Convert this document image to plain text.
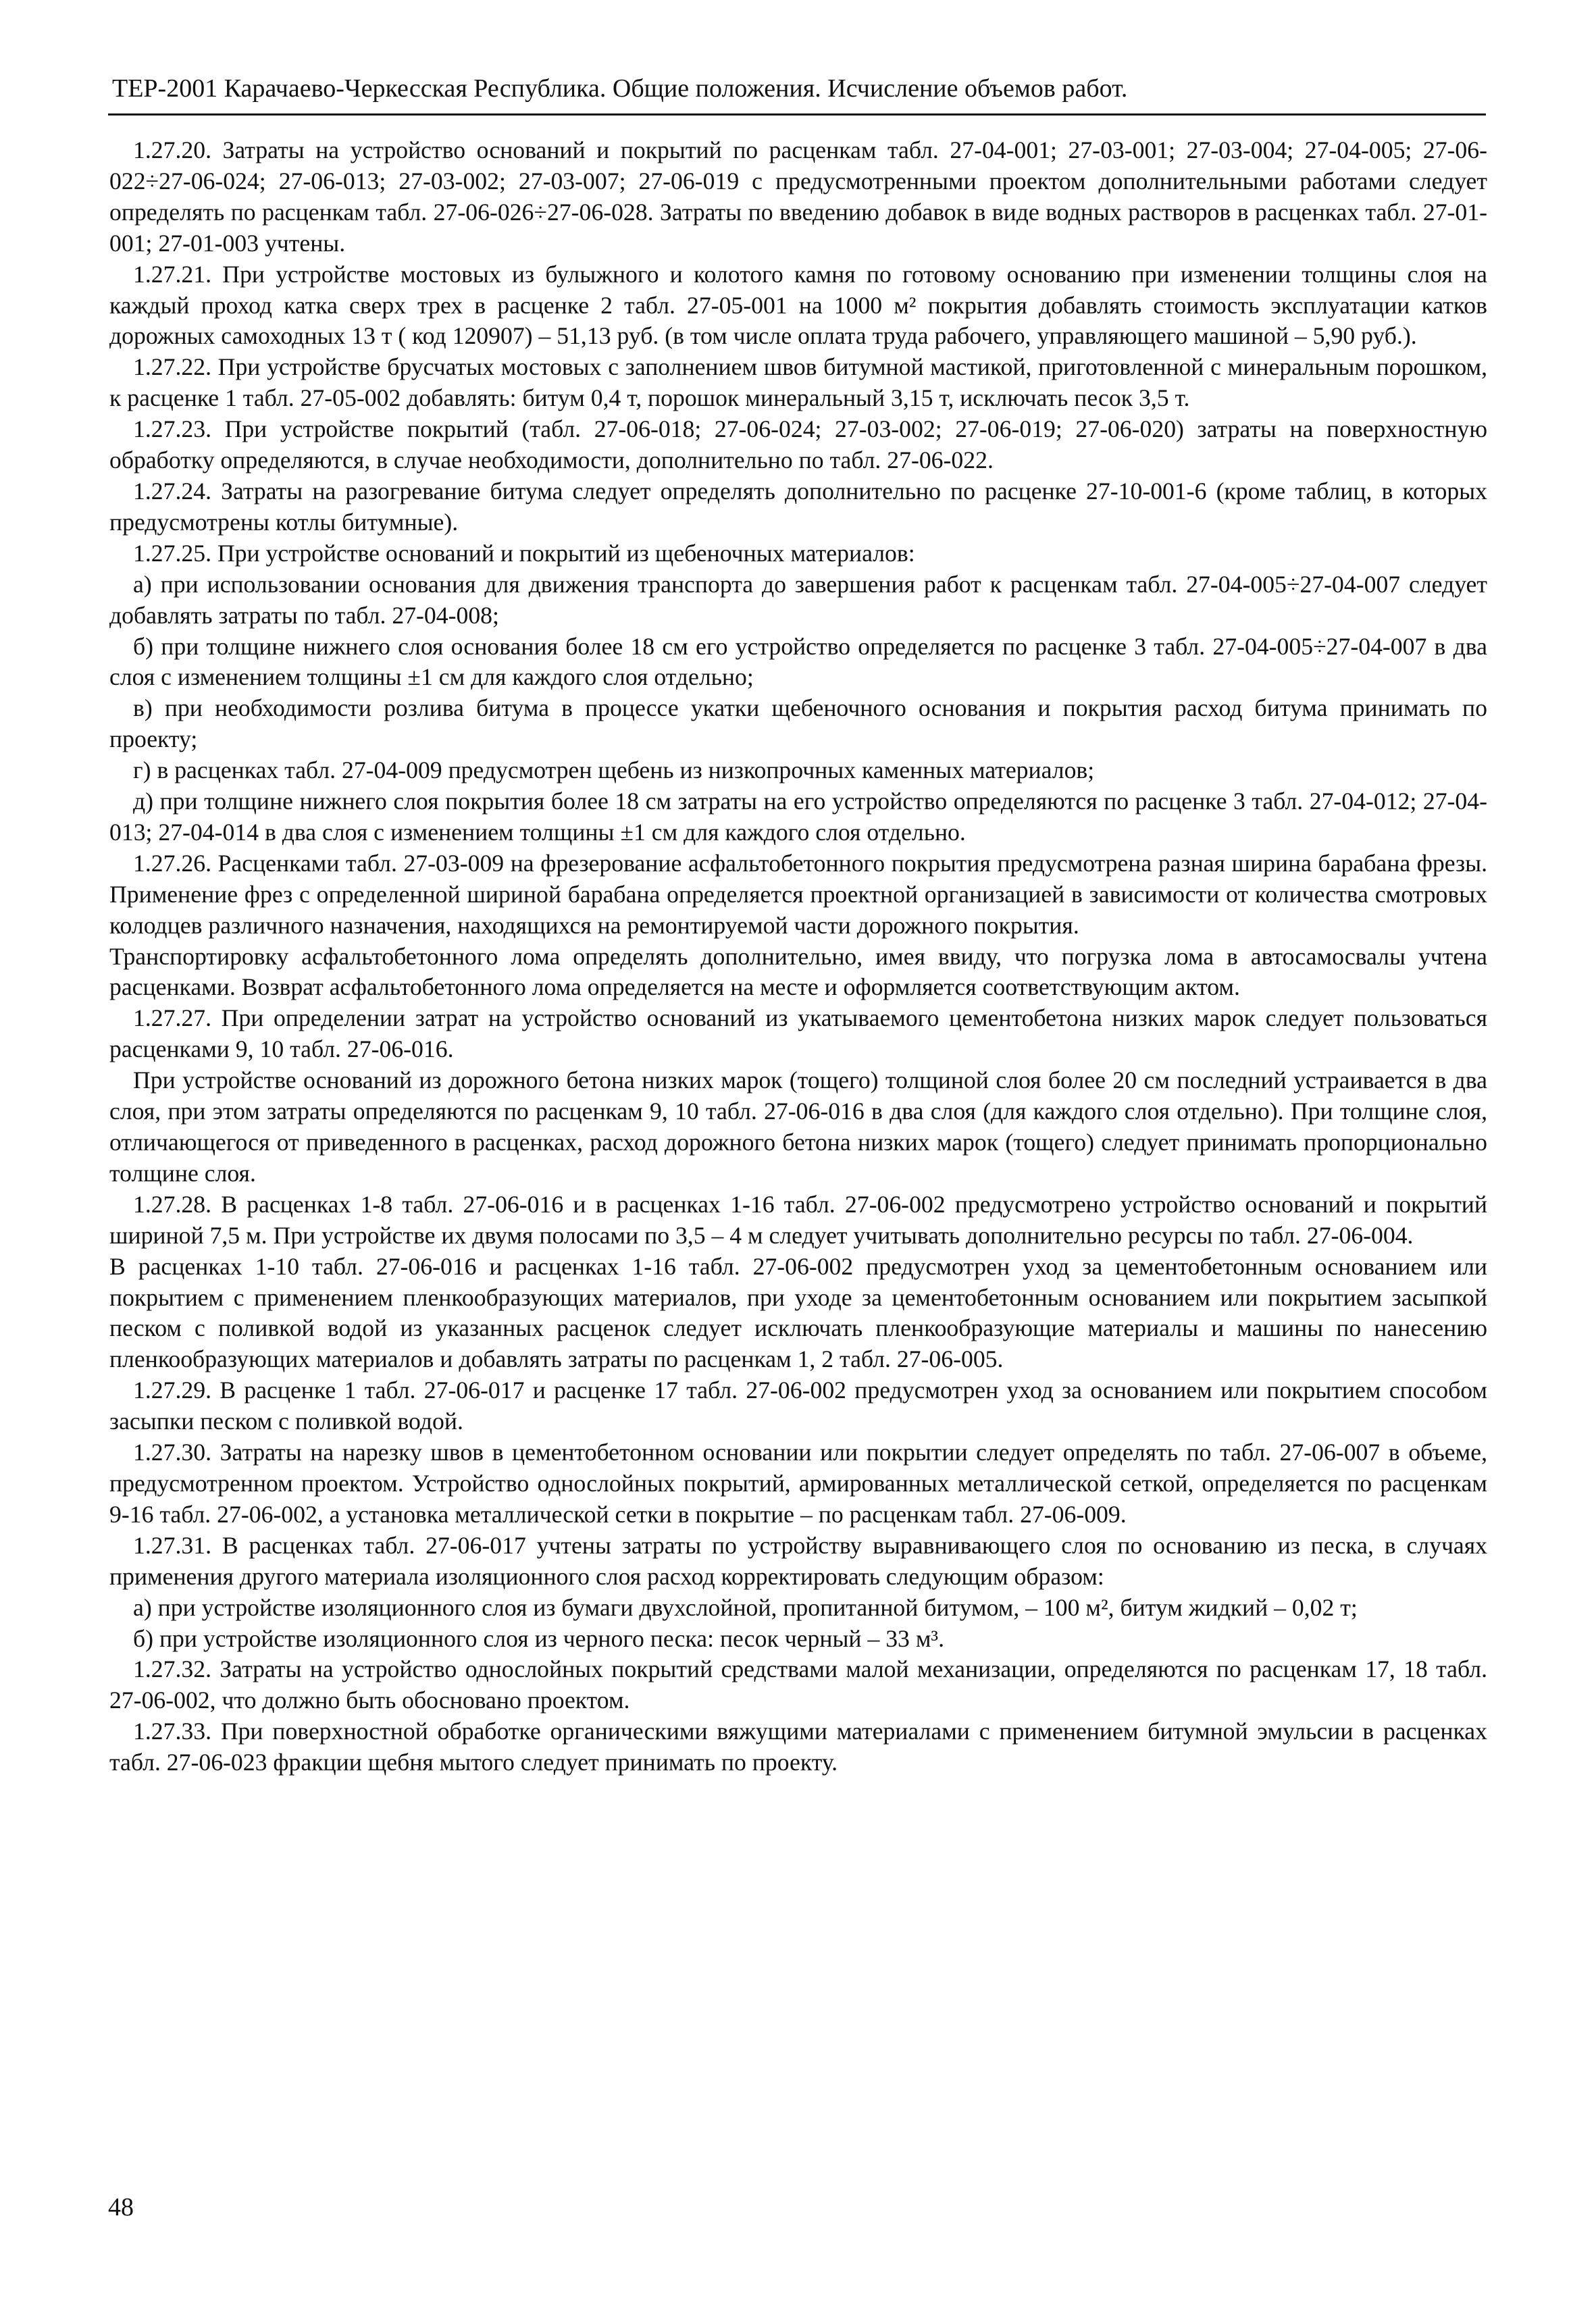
ТЕР-2001 Карачаево-Черкесская Республика. Общие положения. Исчисление объемов работ.

1.27.20. Затраты на устройство оснований и покрытий по расценкам табл. 27-04-001; 27-03-001; 27-03-004; 27-04-005; 27-06-022÷27-06-024; 27-06-013; 27-03-002; 27-03-007; 27-06-019 с предусмотренными проектом дополнительными работами следует определять по расценкам табл. 27-06-026÷27-06-028. Затраты по введению добавок в виде водных растворов в расценках табл. 27-01-001; 27-01-003 учтены.

1.27.21. При устройстве мостовых из булыжного и колотого камня по готовому основанию при изменении толщины слоя на каждый проход катка сверх трех в расценке 2 табл. 27-05-001 на 1000 м² покрытия добавлять стоимость эксплуатации катков дорожных самоходных 13 т ( код 120907) – 51,13 руб. (в том числе оплата труда рабочего, управляющего машиной – 5,90 руб.).

1.27.22. При устройстве брусчатых мостовых с заполнением швов битумной мастикой, приготовленной с минеральным порошком, к расценке 1 табл. 27-05-002 добавлять: битум 0,4 т, порошок минеральный 3,15 т, исключать песок 3,5 т.

1.27.23. При устройстве покрытий (табл. 27-06-018; 27-06-024; 27-03-002; 27-06-019; 27-06-020) затраты на поверхностную обработку определяются, в случае необходимости, дополнительно по табл. 27-06-022.

1.27.24. Затраты на разогревание битума следует определять дополнительно по расценке 27-10-001-6 (кроме таблиц, в которых предусмотрены котлы битумные).

1.27.25. При устройстве оснований и покрытий из щебеночных материалов:

а) при использовании основания для движения транспорта до завершения работ к расценкам табл. 27-04-005÷27-04-007 следует добавлять затраты по табл. 27-04-008;

б) при толщине нижнего слоя основания более 18 см его устройство определяется по расценке 3 табл. 27-04-005÷27-04-007 в два слоя с изменением толщины ±1 см для каждого слоя отдельно;

в) при необходимости розлива битума в процессе укатки щебеночного основания и покрытия расход битума принимать по проекту;

г) в расценках табл. 27-04-009 предусмотрен щебень из низкопрочных каменных материалов;

д) при толщине нижнего слоя покрытия более 18 см затраты на его устройство определяются по расценке 3 табл. 27-04-012; 27-04-013; 27-04-014 в два слоя с изменением толщины ±1 см для каждого слоя отдельно.

1.27.26. Расценками табл. 27-03-009 на фрезерование асфальтобетонного покрытия предусмотрена разная ширина барабана фрезы. Применение фрез с определенной шириной барабана определяется проектной организацией в зависимости от количества смотровых колодцев различного назначения, находящихся на ремонтируемой части дорожного покрытия.

Транспортировку асфальтобетонного лома определять дополнительно, имея ввиду, что погрузка лома в автосамосвалы учтена расценками. Возврат асфальтобетонного лома определяется на месте и оформляется соответствующим актом.

1.27.27. При определении затрат на устройство оснований из укатываемого цементобетона низких марок следует пользоваться расценками 9, 10 табл. 27-06-016.

При устройстве оснований из дорожного бетона низких марок (тощего) толщиной слоя более 20 см последний устраивается в два слоя, при этом затраты определяются по расценкам 9, 10 табл. 27-06-016 в два слоя (для каждого слоя отдельно). При толщине слоя, отличающегося от приведенного в расценках, расход дорожного бетона низких марок (тощего) следует принимать пропорционально толщине слоя.

1.27.28. В расценках 1-8 табл. 27-06-016 и в расценках 1-16 табл. 27-06-002 предусмотрено устройство оснований и покрытий шириной 7,5 м. При устройстве их двумя полосами по 3,5 – 4 м следует учитывать дополнительно ресурсы по табл. 27-06-004.

В расценках 1-10 табл. 27-06-016 и расценках 1-16 табл. 27-06-002 предусмотрен уход за цементобетонным основанием или покрытием с применением пленкообразующих материалов, при уходе за цементобетонным основанием или покрытием засыпкой песком с поливкой водой из указанных расценок следует исключать пленкообразующие материалы и машины по нанесению пленкообразующих материалов и добавлять затраты по расценкам 1, 2 табл. 27-06-005.

1.27.29. В расценке 1 табл. 27-06-017 и расценке 17 табл. 27-06-002 предусмотрен уход за основанием или покрытием способом засыпки песком с поливкой водой.

1.27.30. Затраты на нарезку швов в цементобетонном основании или покрытии следует определять по табл. 27-06-007 в объеме, предусмотренном проектом. Устройство однослойных покрытий, армированных металлической сеткой, определяется по расценкам 9-16 табл. 27-06-002, а установка металлической сетки в покрытие – по расценкам табл. 27-06-009.

1.27.31. В расценках табл. 27-06-017 учтены затраты по устройству выравнивающего слоя по основанию из песка, в случаях применения другого материала изоляционного слоя расход корректировать следующим образом:

а) при устройстве изоляционного слоя из бумаги двухслойной, пропитанной битумом, – 100 м², битум жидкий – 0,02 т;

б) при устройстве изоляционного слоя из черного песка: песок черный – 33 м³.

1.27.32. Затраты на устройство однослойных покрытий средствами малой механизации, определяются по расценкам 17, 18 табл. 27-06-002, что должно быть обосновано проектом.

1.27.33. При поверхностной обработке органическими вяжущими материалами с применением битумной эмульсии в расценках табл. 27-06-023 фракции щебня мытого следует принимать по проекту.

48
